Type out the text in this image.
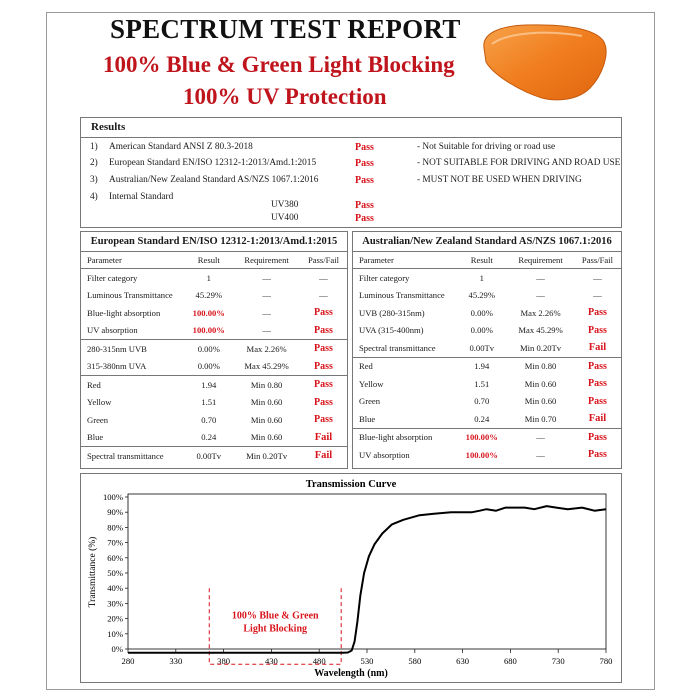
SPECTRUM TEST REPORT
100% Blue & Green Light Blocking
100% UV Protection
Results
1) American Standard ANSI Z 80.3-2018	Pass	- Not Suitable for driving or road use
2) European Standard EN/ISO 12312-1:2013/Amd.1:2015	Pass	- NOT SUITABLE FOR DRIVING AND ROAD USE
3) Australian/New Zealand Standard AS/NZS 1067.1:2016	Pass	- MUST NOT BE USED WHEN DRIVING
4) Internal Standard
UV380	Pass
UV400	Pass
European Standard EN/ISO 12312-1:2013/Amd.1:2015
Parameter	Result	Requirement	Pass/Fail
Filter category	1	—	—
Luminous Transmittance	45.29%	—	—
Blue-light absorption	100.00%	—	Pass
UV absorption	100.00%	—	Pass
280-315nm UVB	0.00%	Max 2.26%	Pass
315-380nm UVA	0.00%	Max 45.29%	Pass
Red	1.94	Min 0.80	Pass
Yellow	1.51	Min 0.60	Pass
Green	0.70	Min 0.60	Pass
Blue	0.24	Min 0.60	Fail
Spectral transmittance	0.00Tv	Min 0.20Tv	Fail
Australian/New Zealand Standard AS/NZS 1067.1:2016
Parameter	Result	Requirement	Pass/Fail
Filter category	1	—	—
Luminous Transmittance	45.29%	—	—
UVB (280-315nm)	0.00%	Max 2.26%	Pass
UVA (315-400nm)	0.00%	Max 45.29%	Pass
Spectral transmittance	0.00Tv	Min 0.20Tv	Fail
Red	1.94	Min 0.80	Pass
Yellow	1.51	Min 0.60	Pass
Green	0.70	Min 0.60	Pass
Blue	0.24	Min 0.70	Fail
Blue-light absorption	100.00%	—	Pass
UV absorption	100.00%	—	Pass
Transmission Curve
280	330	380	430	480	530	580	630	680	730	780
0%
10%
20%
30%
40%
50%
60%
70%
80%
90%
100%
Wavelength (nm)
Transmittance (%)
100% Blue & Green
Light Blocking
